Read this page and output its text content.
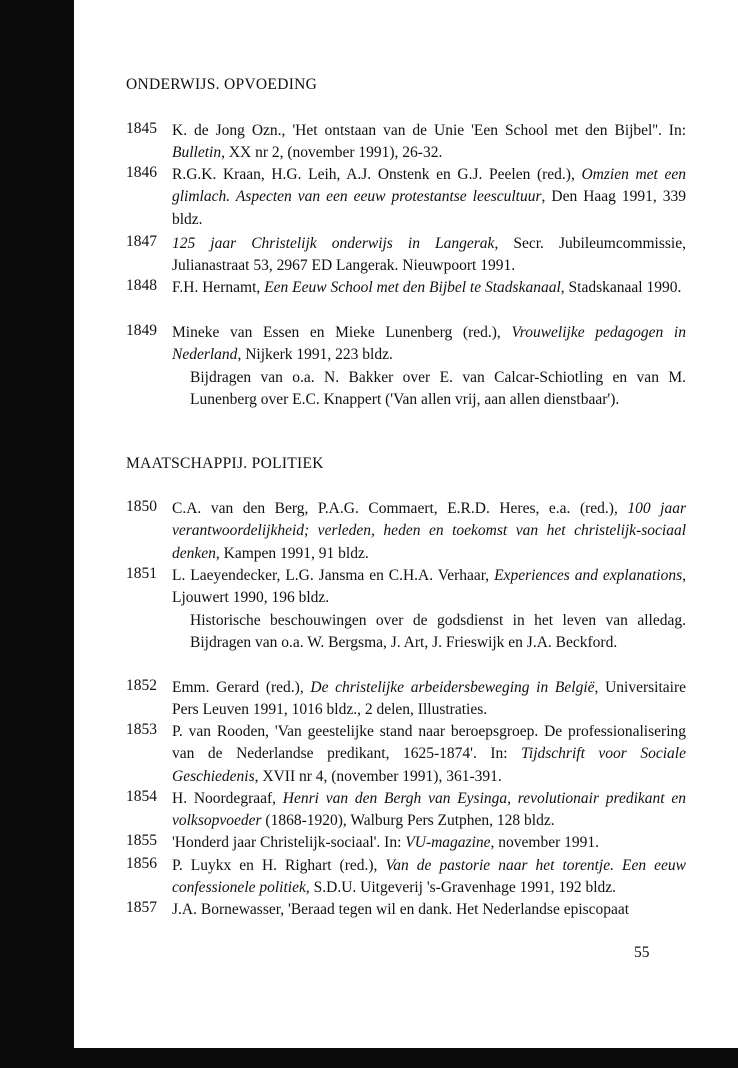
ONDERWIJS. OPVOEDING
1845 K. de Jong Ozn., 'Het ontstaan van de Unie 'Een School met den Bijbel''. In: Bulletin, XX nr 2, (november 1991), 26-32.
1846 R.G.K. Kraan, H.G. Leih, A.J. Onstenk en G.J. Peelen (red.), Omzien met een glimlach. Aspecten van een eeuw protestantse leescultuur, Den Haag 1991, 339 bldz.
1847 125 jaar Christelijk onderwijs in Langerak, Secr. Jubileumcommissie, Julianastraat 53, 2967 ED Langerak. Nieuwpoort 1991.
1848 F.H. Hernamt, Een Eeuw School met den Bijbel te Stadskanaal, Stadskanaal 1990.
1849 Mineke van Essen en Mieke Lunenberg (red.), Vrouwelijke pedagogen in Nederland, Nijkerk 1991, 223 bldz.
Bijdragen van o.a. N. Bakker over E. van Calcar-Schiotling en van M. Lunenberg over E.C. Knappert ('Van allen vrij, aan allen dienstbaar').
MAATSCHAPPIJ. POLITIEK
1850 C.A. van den Berg, P.A.G. Commaert, E.R.D. Heres, e.a. (red.), 100 jaar verantwoordelijkheid; verleden, heden en toekomst van het christelijk-sociaal denken, Kampen 1991, 91 bldz.
1851 L. Laeyendecker, L.G. Jansma en C.H.A. Verhaar, Experiences and explanations, Ljouwert 1990, 196 bldz.
Historische beschouwingen over de godsdienst in het leven van alledag. Bijdragen van o.a. W. Bergsma, J. Art, J. Frieswijk en J.A. Beckford.
1852 Emm. Gerard (red.), De christelijke arbeidersbeweging in België, Universitaire Pers Leuven 1991, 1016 bldz., 2 delen, Illustraties.
1853 P. van Rooden, 'Van geestelijke stand naar beroepsgroep. De professionalisering van de Nederlandse predikant, 1625-1874'. In: Tijdschrift voor Sociale Geschiedenis, XVII nr 4, (november 1991), 361-391.
1854 H. Noordegraaf, Henri van den Bergh van Eysinga, revolutionair predikant en volksopvoeder (1868-1920), Walburg Pers Zutphen, 128 bldz.
1855 'Honderd jaar Christelijk-sociaal'. In: VU-magazine, november 1991.
1856 P. Luykx en H. Righart (red.), Van de pastorie naar het torentje. Een eeuw confessionele politiek, S.D.U. Uitgeverij 's-Gravenhage 1991, 192 bldz.
1857 J.A. Bornewasser, 'Beraad tegen wil en dank. Het Nederlandse episcopaat
55
